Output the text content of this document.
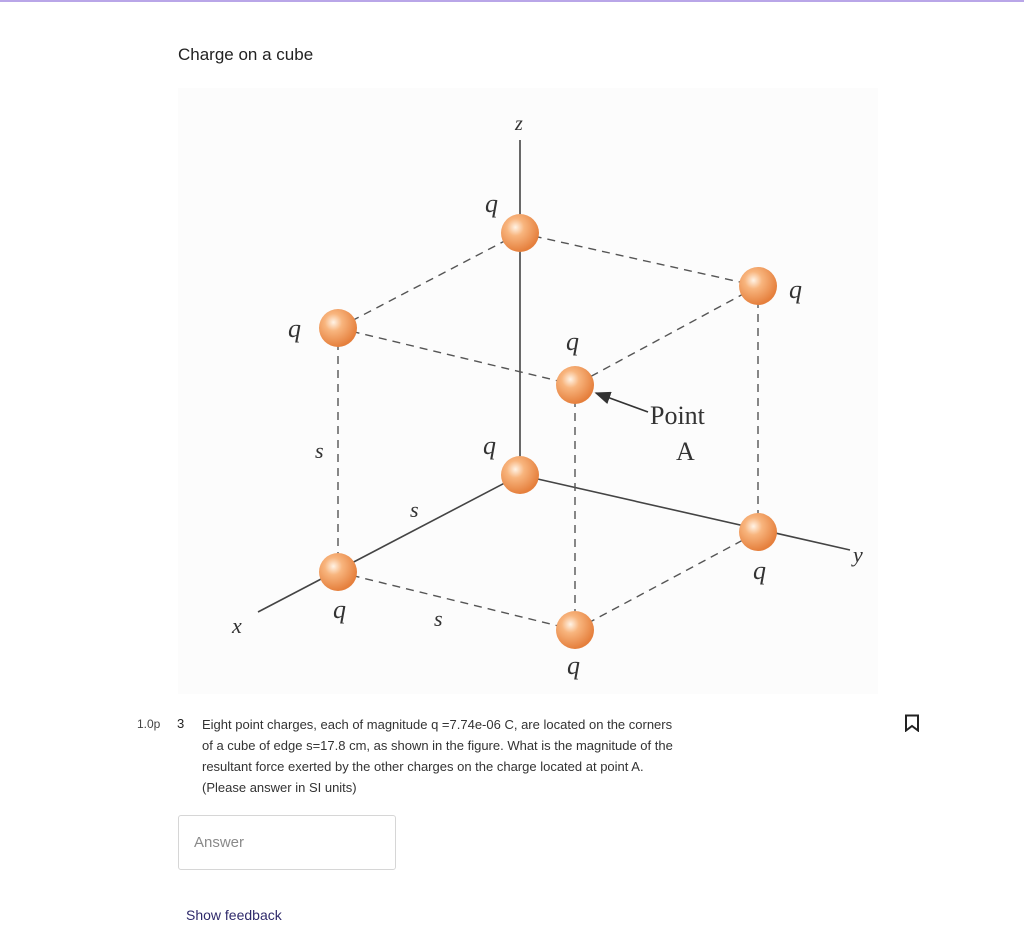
Charge on a cube
z
y
x
q
q
q	q
q
q
q
q
s
s
s
Point
A
1.0p 3 Eight point charges, each of magnitude q =7.74e-06 C, are located on the corners of a cube of edge s=17.8 cm, as shown in the figure. What is the magnitude of the resultant force exerted by the other charges on the charge located at point A. (Please answer in SI units)
Answer
Show feedback
